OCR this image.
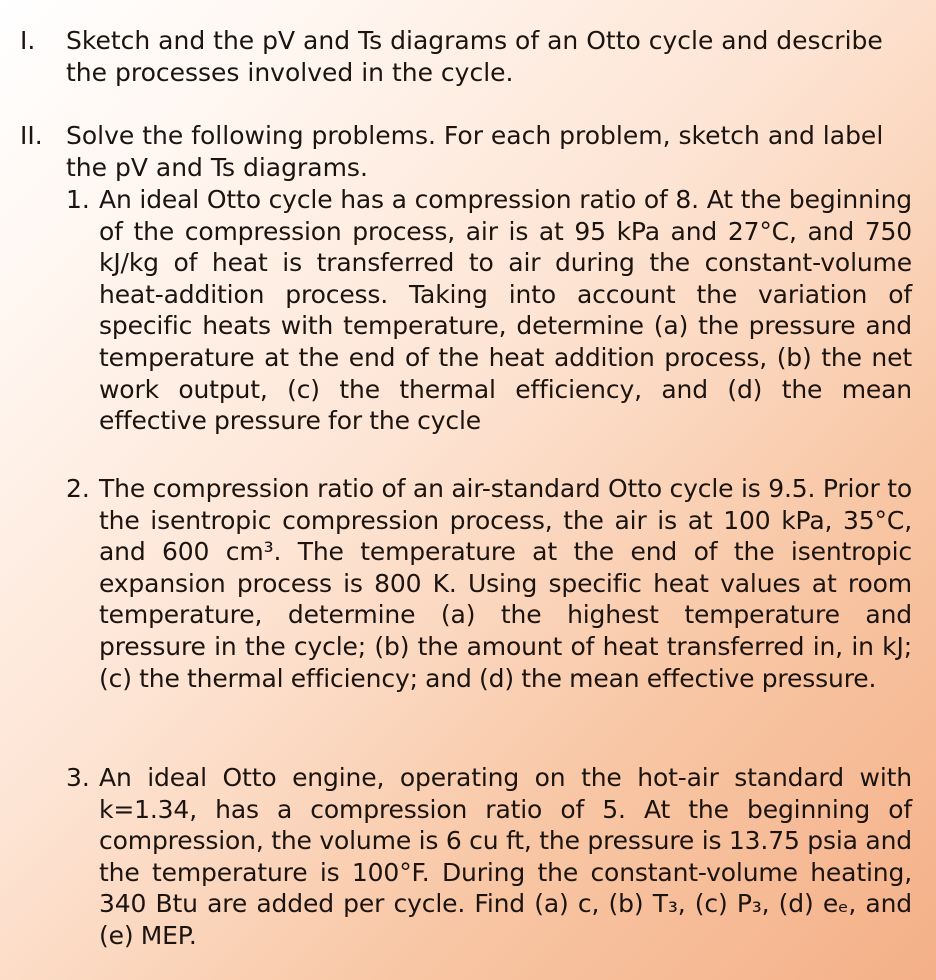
I. Sketch and the pV and Ts diagrams of an Otto cycle and describe the processes involved in the cycle.
II. Solve the following problems. For each problem, sketch and label the pV and Ts diagrams.
1. An ideal Otto cycle has a compression ratio of 8. At the beginning of the compression process, air is at 95 kPa and 27°C, and 750 kJ/kg of heat is transferred to air during the constant-volume heat-addition process. Taking into account the variation of specific heats with temperature, determine (a) the pressure and temperature at the end of the heat addition process, (b) the net work output, (c) the thermal efficiency, and (d) the mean effective pressure for the cycle
2. The compression ratio of an air-standard Otto cycle is 9.5. Prior to the isentropic compression process, the air is at 100 kPa, 35°C, and 600 cm³. The temperature at the end of the isentropic expansion process is 800 K. Using specific heat values at room temperature, determine (a) the highest temperature and pressure in the cycle; (b) the amount of heat transferred in, in kJ; (c) the thermal efficiency; and (d) the mean effective pressure.
3. An ideal Otto engine, operating on the hot-air standard with k=1.34, has a compression ratio of 5. At the beginning of compression, the volume is 6 cu ft, the pressure is 13.75 psia and the temperature is 100°F. During the constant-volume heating, 340 Btu are added per cycle. Find (a) c, (b) T₃, (c) P₃, (d) eₑ, and (e) MEP.
